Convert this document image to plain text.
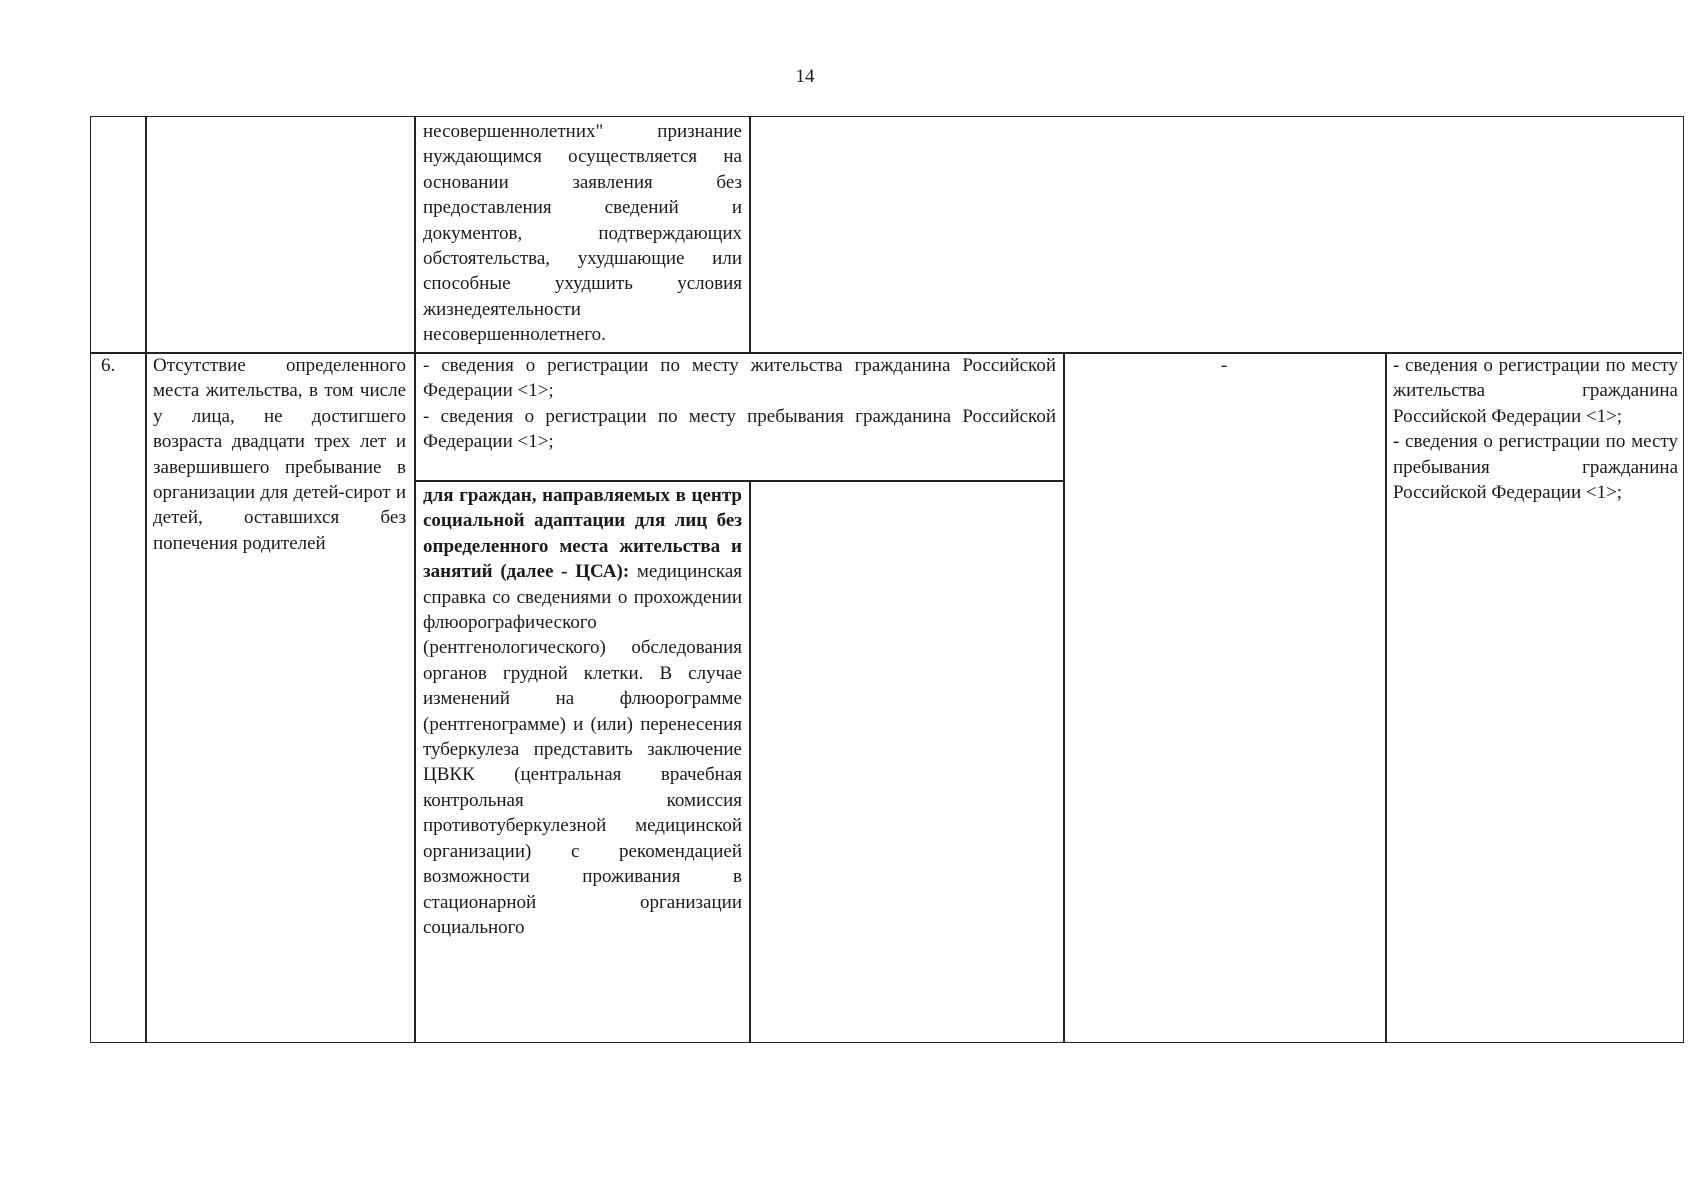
14

несовершеннолетних" признание нуждающимся осуществляется на основании заявления без предоставления сведений и документов, подтверждающих обстоятельства, ухудшающие или способные ухудшить условия жизнедеятельности несовершеннолетнего.

6.	Отсутствие определенного места жительства, в том числе у лица, не достигшего возраста двадцати трех лет и завершившего пребывание в организации для детей-сирот и детей, оставшихся без попечения родителей

- сведения о регистрации по месту жительства гражданина Российской Федерации <1>;

- сведения о регистрации по месту пребывания гражданина Российской Федерации <1>;

для граждан, направляемых в центр социальной адаптации для лиц без определенного места жительства и занятий (далее - ЦСА): медицинская справка со сведениями о прохождении флюорографического (рентгенологического) обследования органов грудной клетки. В случае изменений на флюорограмме (рентгенограмме) и (или) перенесения туберкулеза представить заключение ЦВКК (центральная врачебная контрольная комиссия противотуберкулезной медицинской организации) с рекомендацией возможности проживания в стационарной организации социального

-	- сведения о регистрации по месту жительства гражданина Российской Федерации <1>;

- сведения о регистрации по месту пребывания гражданина Российской Федерации <1>;
